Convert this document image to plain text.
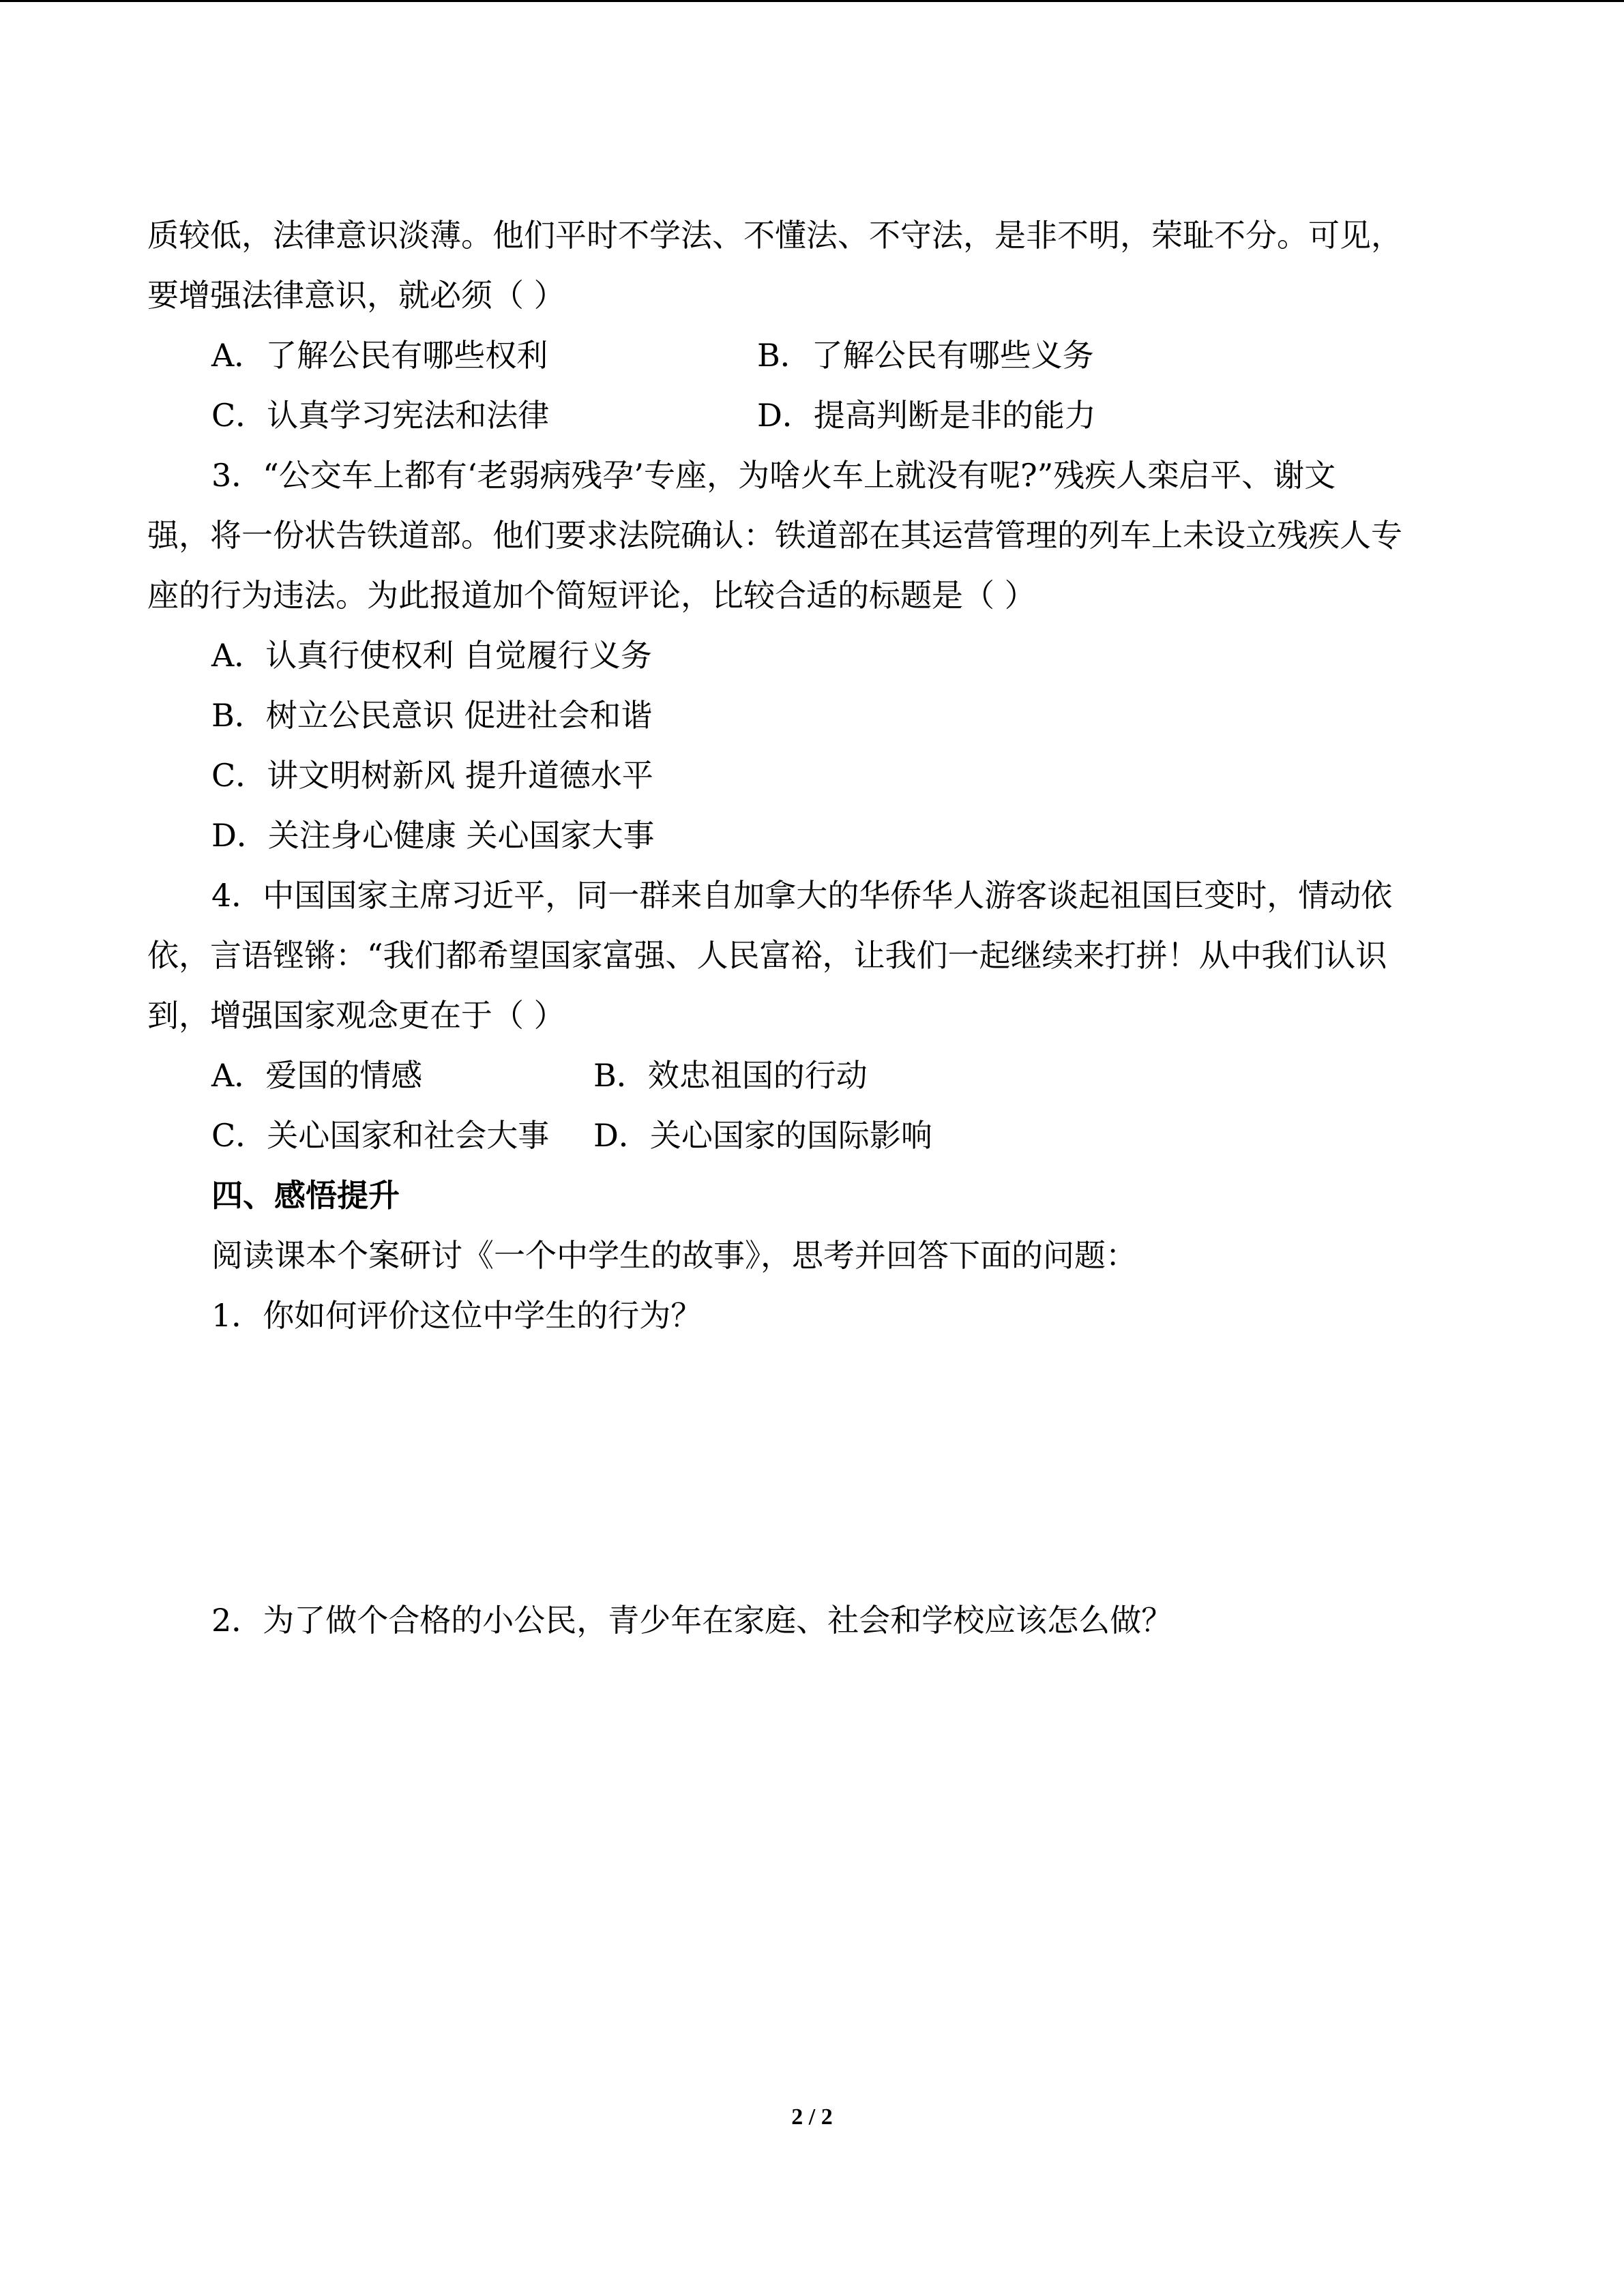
质较低，法律意识淡薄。他们平时不学法、不懂法、不守法，是非不明，荣耻不分。可见，
要增强法律意识，就必须（ ）
A．了解公民有哪些权利	B．了解公民有哪些义务
C．认真学习宪法和法律	D．提高判断是非的能力
3．“公交车上都有‘老弱病残孕’专座，为啥火车上就没有呢?”残疾人栾启平、谢文
强，将一份状告铁道部。他们要求法院确认：铁道部在其运营管理的列车上未设立残疾人专
座的行为违法。为此报道加个简短评论，比较合适的标题是（ ）
A．认真行使权利 自觉履行义务
B．树立公民意识 促进社会和谐
C．讲文明树新风 提升道德水平
D．关注身心健康 关心国家大事
4．中国国家主席习近平，同一群来自加拿大的华侨华人游客谈起祖国巨变时，情动依
依，言语铿锵：“我们都希望国家富强、人民富裕，让我们一起继续来打拼！从中我们认识
到，增强国家观念更在于（ ）
A．爱国的情感	B．效忠祖国的行动
C．关心国家和社会大事 D．关心国家的国际影响
四、感悟提升
阅读课本个案研讨《一个中学生的故事》，思考并回答下面的问题：
1．你如何评价这位中学生的行为？
2．为了做个合格的小公民，青少年在家庭、社会和学校应该怎么做？
2 / 2
